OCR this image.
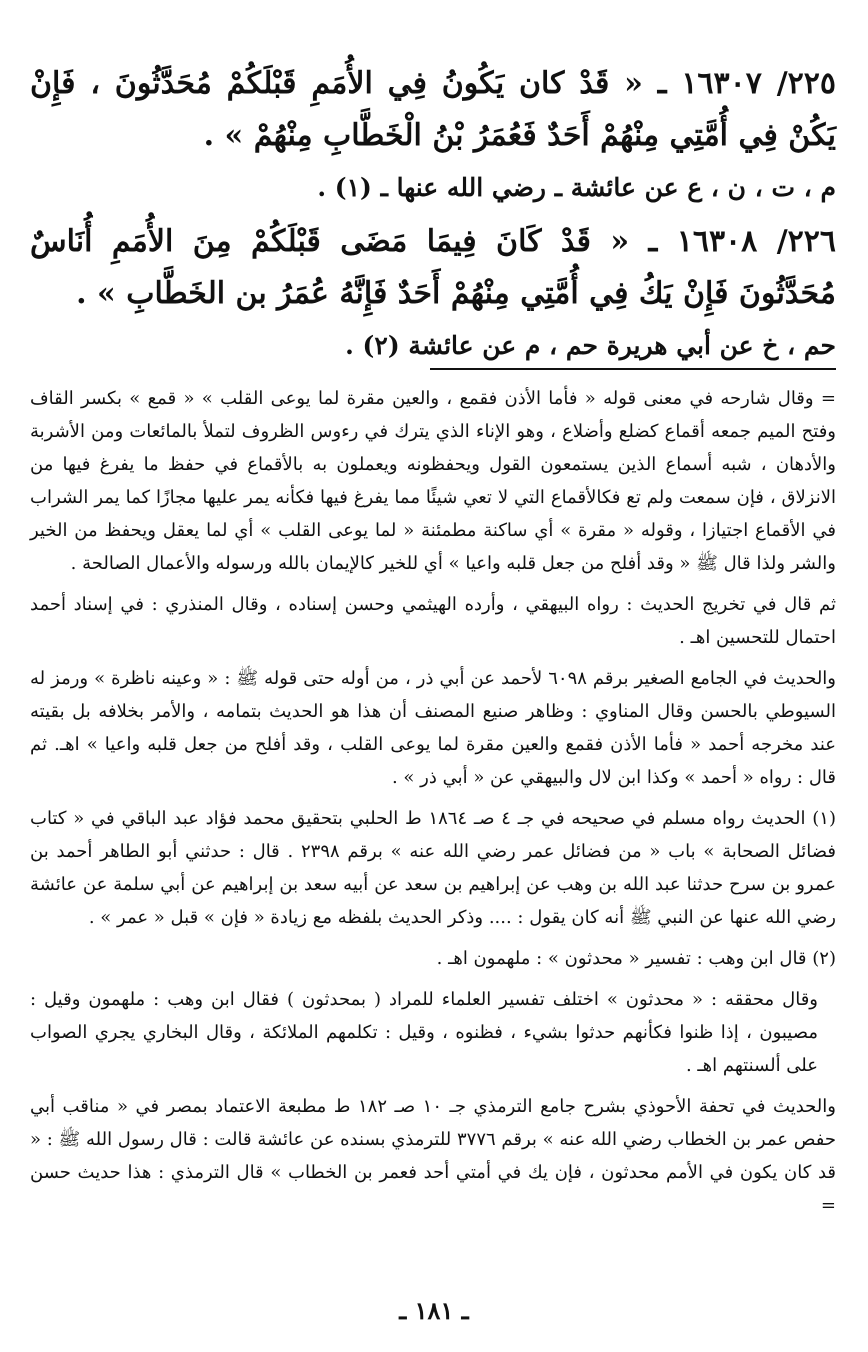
٢٢٥/ ١٦٣٠٧ ـ « قَدْ كان يَكُونُ فِي الأُمَمِ قَبْلَكُمْ مُحَدَّثُونَ ، فَإِنْ يَكُنْ فِي أُمَّتِي مِنْهُمْ أَحَدٌ فَعُمَرُ بْنُ الْخَطَّابِ مِنْهُمْ » .

م ، ت ، ن ، ع عن عائشة ـ رضي الله عنها ـ (١) .

٢٢٦/ ١٦٣٠٨ ـ « قَدْ كَانَ فِيمَا مَضَى قَبْلَكُمْ مِنَ الأُمَمِ أُنَاسٌ مُحَدَّثُونَ فَإِنْ يَكُ فِي أُمَّتِي مِنْهُمْ أَحَدٌ فَإِنَّهُ عُمَرُ بن الخَطَّابِ » .

حم ، خ عن أبي هريرة حم ، م عن عائشة (٢) .

= وقال شارحه في معنى قوله « فأما الأذن فقمع ، والعين مقرة لما يوعى القلب » « قمع » بكسر القاف وفتح الميم جمعه أقماع كضلع وأضلاع ، وهو الإناء الذي يترك في رءوس الظروف لتملأ بالمائعات ومن الأشربة والأدهان ، شبه أسماع الذين يستمعون القول ويحفظونه ويعملون به بالأقماع في حفظ ما يفرغ فيها من الانزلاق ، فإن سمعت ولم تع فكالأقماع التي لا تعي شيئًا مما يفرغ فيها فكأنه يمر عليها مجازًا كما يمر الشراب في الأقماع اجتيازا ، وقوله « مقرة » أي ساكنة مطمئنة « لما يوعى القلب » أي لما يعقل ويحفظ من الخير والشر ولذا قال ﷺ « وقد أفلح من جعل قلبه واعيا » أي للخير كالإيمان بالله ورسوله والأعمال الصالحة .

ثم قال في تخريج الحديث : رواه البيهقي ، وأرده الهيثمي وحسن إسناده ، وقال المنذري : في إسناد أحمد احتمال للتحسين اهـ .

والحديث في الجامع الصغير برقم ٦٠٩٨ لأحمد عن أبي ذر ، من أوله حتى قوله ﷺ : « وعينه ناظرة » ورمز له السيوطي بالحسن وقال المناوي : وظاهر صنيع المصنف أن هذا هو الحديث بتمامه ، والأمر بخلافه بل بقيته عند مخرجه أحمد « فأما الأذن فقمع والعين مقرة لما يوعى القلب ، وقد أفلح من جعل قلبه واعيا » اهـ. ثم قال : رواه « أحمد » وكذا ابن لال والبيهقي عن « أبي ذر » .

(١) الحديث رواه مسلم في صحيحه في جـ ٤ صـ ١٨٦٤ ط الحلبي بتحقيق محمد فؤاد عبد الباقي في « كتاب فضائل الصحابة » باب « من فضائل عمر رضي الله عنه » برقم ٢٣٩٨ . قال : حدثني أبو الطاهر أحمد بن عمرو بن سرح حدثنا عبد الله بن وهب عن إبراهيم بن سعد عن أبيه سعد بن إبراهيم عن أبي سلمة عن عائشة رضي الله عنها عن النبي ﷺ أنه كان يقول : .... وذكر الحديث بلفظه مع زيادة « فإن » قبل « عمر » .

(٢) قال ابن وهب : تفسير « محدثون » : ملهمون اهـ .

وقال محققه : « محدثون » اختلف تفسير العلماء للمراد ( بمحدثون ) فقال ابن وهب : ملهمون وقيل : مصيبون ، إذا ظنوا فكأنهم حدثوا بشيء ، فظنوه ، وقيل : تكلمهم الملائكة ، وقال البخاري يجري الصواب على ألسنتهم اهـ .

والحديث في تحفة الأحوذي بشرح جامع الترمذي جـ ١٠ صـ ١٨٢ ط مطبعة الاعتماد بمصر في « مناقب أبي حفص عمر بن الخطاب رضي الله عنه » برقم ٣٧٧٦ للترمذي بسنده عن عائشة قالت : قال رسول الله ﷺ : « قد كان يكون في الأمم محدثون ، فإن يك في أمتي أحد فعمر بن الخطاب » قال الترمذي : هذا حديث حسن =

ـ ١٨١ ـ
